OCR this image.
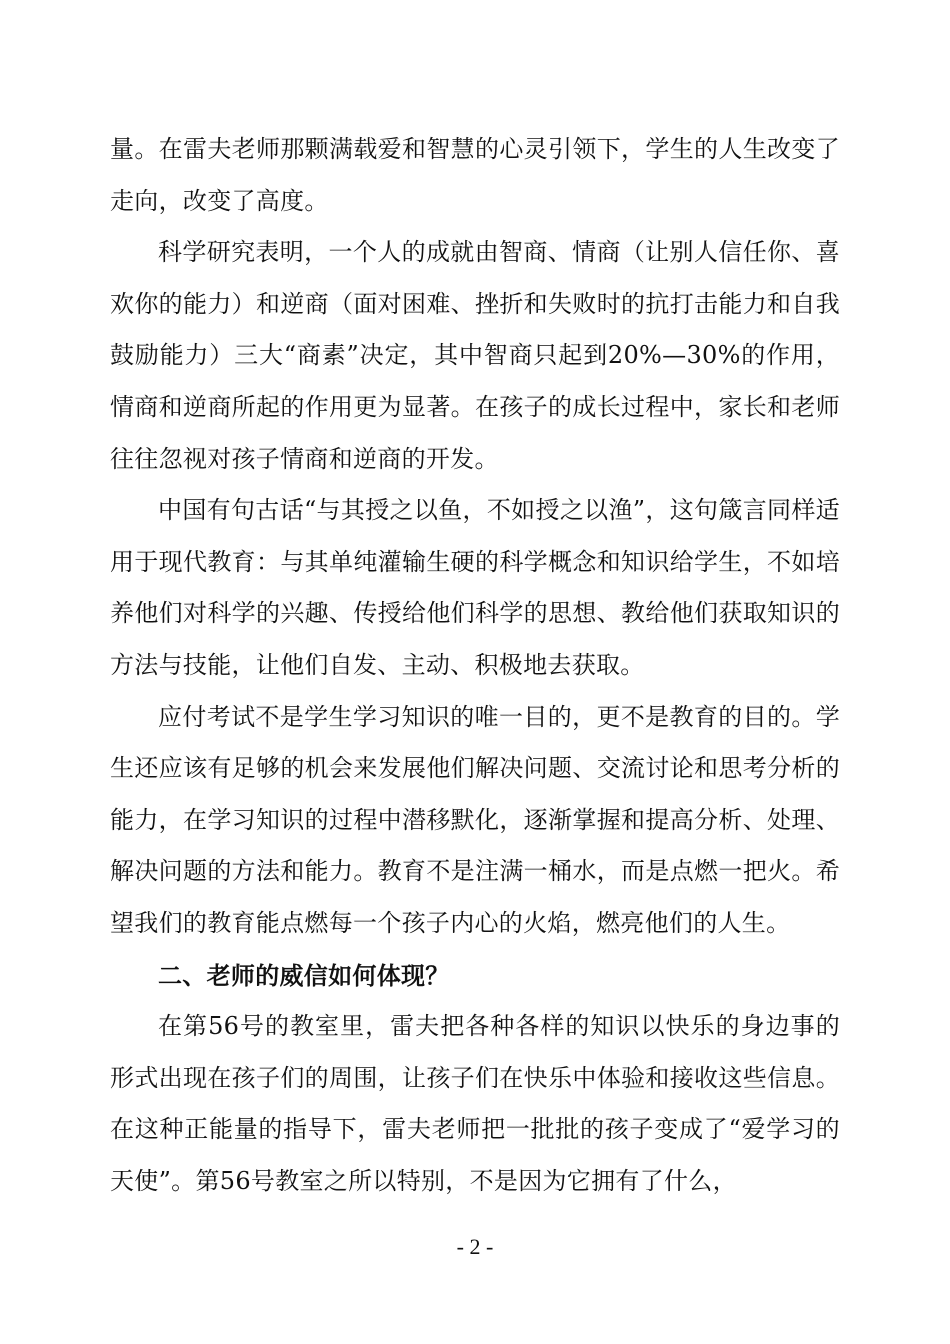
量。在雷夫老师那颗满载爱和智慧的心灵引领下，学生的人生改变了走向，改变了高度。

科学研究表明，一个人的成就由智商、情商（让别人信任你、喜欢你的能力）和逆商（面对困难、挫折和失败时的抗打击能力和自我鼓励能力）三大“商素”决定，其中智商只起到20%—30%的作用，情商和逆商所起的作用更为显著。在孩子的成长过程中，家长和老师往往忽视对孩子情商和逆商的开发。

中国有句古话“与其授之以鱼，不如授之以渔”，这句箴言同样适用于现代教育：与其单纯灌输生硬的科学概念和知识给学生，不如培养他们对科学的兴趣、传授给他们科学的思想、教给他们获取知识的方法与技能，让他们自发、主动、积极地去获取。

应付考试不是学生学习知识的唯一目的，更不是教育的目的。学生还应该有足够的机会来发展他们解决问题、交流讨论和思考分析的能力，在学习知识的过程中潜移默化，逐渐掌握和提高分析、处理、解决问题的方法和能力。教育不是注满一桶水，而是点燃一把火。希望我们的教育能点燃每一个孩子内心的火焰，燃亮他们的人生。

二、老师的威信如何体现？

在第56号的教室里，雷夫把各种各样的知识以快乐的身边事的形式出现在孩子们的周围，让孩子们在快乐中体验和接收这些信息。在这种正能量的指导下，雷夫老师把一批批的孩子变成了“爱学习的天使”。第56号教室之所以特别，不是因为它拥有了什么，

- 2 -
